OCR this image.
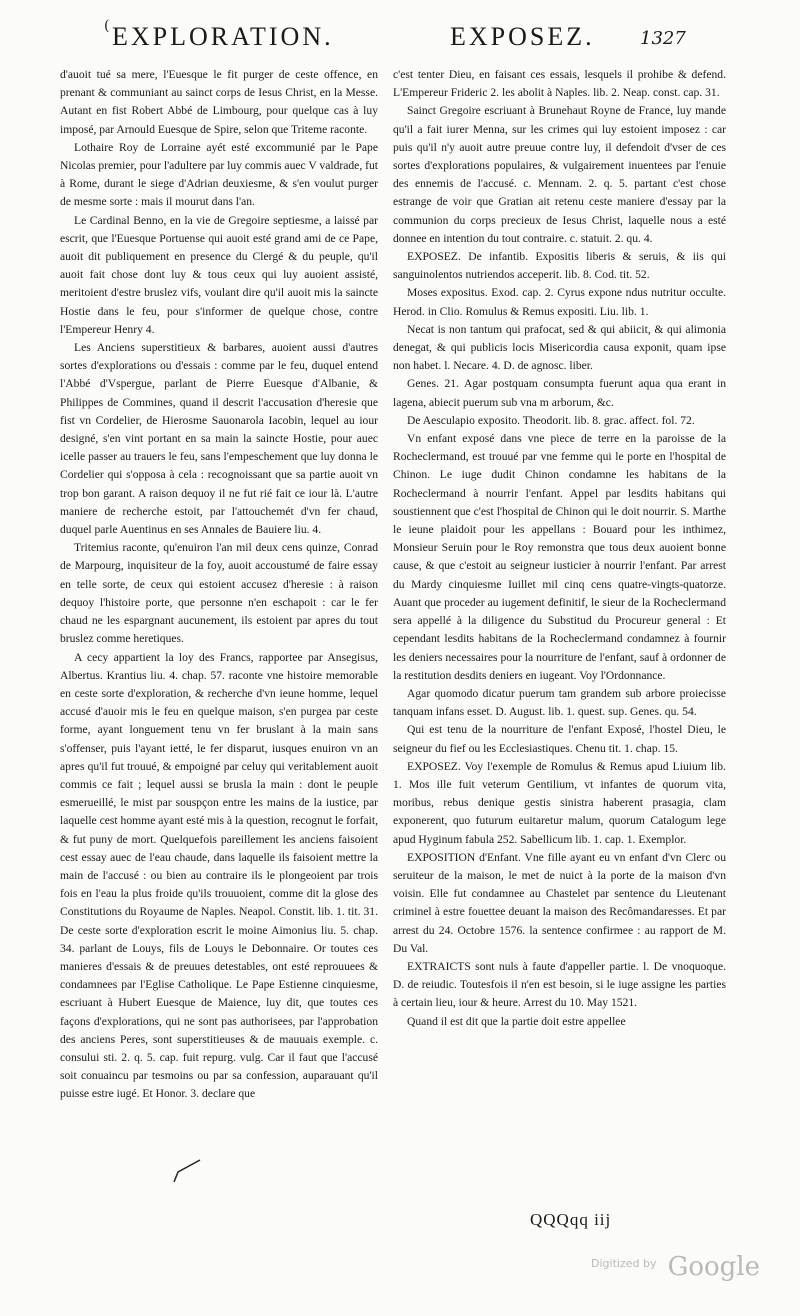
( EXPLORATION.	EXPOSEZ.	1327

d'auoit tué sa mere, l'Euesque le fit purger de ceste offence, en prenant & communiant au sainct corps de Iesus Christ, en la Messe. Autant en fist Robert Abbé de Limbourg, pour quelque cas à luy imposé, par Arnould Euesque de Spire, selon que Triteme raconte.

Lothaire Roy de Lorraine ayét esté excommunié par le Pape Nicolas premier, pour l'adultere par luy commis auec V valdrade, fut à Rome, durant le siege d'Adrian deuxiesme, & s'en voulut purger de mesme sorte : mais il mourut dans l'an.

Le Cardinal Benno, en la vie de Gregoire septiesme, a laissé par escrit, que l'Euesque Portuense qui auoit esté grand ami de ce Pape, auoit dit publiquement en presence du Clergé & du peuple, qu'il auoit fait chose dont luy & tous ceux qui luy auoient assisté, meritoient d'estre bruslez vifs, voulant dire qu'il auoit mis la saincte Hostie dans le feu, pour s'informer de quelque chose, contre l'Empereur Henry 4.

Les Anciens superstitieux & barbares, auoient aussi d'autres sortes d'explorations ou d'essais : comme par le feu, duquel entend l'Abbé d'Vspergue, parlant de Pierre Euesque d'Albanie, & Philippes de Commines, quand il descrit l'accusation d'heresie que fist vn Cordelier, de Hierosme Sauonarola Iacobin, lequel au iour designé, s'en vint portant en sa main la saincte Hostie, pour auec icelle passer au trauers le feu, sans l'empeschement que luy donna le Cordelier qui s'opposa à cela : recognoissant que sa partie auoit vn trop bon garant. A raison dequoy il ne fut rié fait ce iour là. L'autre maniere de recherche estoit, par l'attouchemét d'vn fer chaud, duquel parle Auentinus en ses Annales de Bauiere liu. 4.

Tritemius raconte, qu'enuiron l'an mil deux cens quinze, Conrad de Marpourg, inquisiteur de la foy, auoit accoustumé de faire essay en telle sorte, de ceux qui estoient accusez d'heresie : à raison dequoy l'histoire porte, que personne n'en eschapoit : car le fer chaud ne les espargnant aucunement, ils estoient par apres du tout bruslez comme heretiques.

A cecy appartient la loy des Francs, rapportee par Ansegisus, Albertus. Krantius liu. 4. chap. 57. raconte vne histoire memorable en ceste sorte d'exploration, & recherche d'vn ieune homme, lequel accusé d'auoir mis le feu en quelque maison, s'en purgea par ceste forme, ayant longuement tenu vn fer bruslant à la main sans s'offenser, puis l'ayant ietté, le fer disparut, iusques enuiron vn an apres qu'il fut trouué, & empoigné par celuy qui veritablement auoit commis ce fait ; lequel aussi se brusla la main : dont le peuple esmerueillé, le mist par souspçon entre les mains de la iustice, par laquelle cest homme ayant esté mis à la question, recognut le forfait, & fut puny de mort. Quelquefois pareillement les anciens faisoient cest essay auec de l'eau chaude, dans laquelle ils faisoient mettre la main de l'accusé : ou bien au contraire ils le plongeoient par trois fois en l'eau la plus froide qu'ils trouuoient, comme dit la glose des Constitutions du Royaume de Naples. Neapol. Constit. lib. 1. tit. 31. De ceste sorte d'exploration escrit le moine Aimonius liu. 5. chap. 34. parlant de Louys, fils de Louys le Debonnaire. Or toutes ces manieres d'essais & de preuues detestables, ont esté reprouuees & condamnees par l'Eglise Catholique. Le Pape Estienne cinquiesme, escriuant à Hubert Euesque de Maience, luy dit, que toutes ces façons d'explorations, qui ne sont pas authorisees, par l'approbation des anciens Peres, sont superstitieuses & de mauuais exemple. c. consului sti. 2. q. 5. cap. fuit repurg. vulg. Car il faut que l'accusé soit conuaincu par tesmoins ou par sa confession, auparauant qu'il puisse estre iugé. Et Honor. 3. declare que

c'est tenter Dieu, en faisant ces essais, lesquels il prohibe & defend. L'Empereur Frideric 2. les abolit à Naples. lib. 2. Neap. const. cap. 31.

Sainct Gregoire escriuant à Brunehaut Royne de France, luy mande qu'il a fait iurer Menna, sur les crimes qui luy estoient imposez : car puis qu'il n'y auoit autre preuue contre luy, il defendoit d'vser de ces sortes d'explorations populaires, & vulgairement inuentees par l'enuie des ennemis de l'accusé. c. Mennam. 2. q. 5. partant c'est chose estrange de voir que Gratian ait retenu ceste maniere d'essay par la communion du corps precieux de Iesus Christ, laquelle nous a esté donnee en intention du tout contraire. c. statuit. 2. qu. 4.

EXPOSEZ. De infantib. Expositis liberis & seruis, & iis qui sanguinolentos nutriendos acceperit. lib. 8. Cod. tit. 52.

Moses expositus. Exod. cap. 2. Cyrus expone ndus nutritur occulte. Herod. in Clio. Romulus & Remus expositi. Liu. lib. 1.

Necat is non tantum qui prafocat, sed & qui abiicit, & qui alimonia denegat, & qui publicis locis Misericordia causa exponit, quam ipse non habet. l. Necare. 4. D. de agnosc. liber.

Genes. 21. Agar postquam consumpta fuerunt aqua qua erant in lagena, abiecit puerum sub vna m arborum, &c.

De Aesculapio exposito. Theodorit. lib. 8. grac. affect. fol. 72.

Vn enfant exposé dans vne piece de terre en la paroisse de la Rocheclermand, est trouué par vne femme qui le porte en l'hospital de Chinon. Le iuge dudit Chinon condamne les habitans de la Rocheclermand à nourrir l'enfant. Appel par lesdits habitans qui soustiennent que c'est l'hospital de Chinon qui le doit nourrir. S. Marthe le ieune plaidoit pour les appellans : Bouard pour les inthimez, Monsieur Seruin pour le Roy remonstra que tous deux auoient bonne cause, & que c'estoit au seigneur iusticier à nourrir l'enfant. Par arrest du Mardy cinquiesme Iuillet mil cinq cens quatre-vingts-quatorze. Auant que proceder au iugement definitif, le sieur de la Rocheclermand sera appellé à la diligence du Substitud du Procureur general : Et cependant lesdits habitans de la Rocheclermand condamnez à fournir les deniers necessaires pour la nourriture de l'enfant, sauf à ordonner de la restitution desdits deniers en iugeant. Voy l'Ordonnance.

Agar quomodo dicatur puerum tam grandem sub arbore proiecisse tanquam infans esset. D. August. lib. 1. quest. sup. Genes. qu. 54.

Qui est tenu de la nourriture de l'enfant Exposé, l'hostel Dieu, le seigneur du fief ou les Ecclesiastiques. Chenu tit. 1. chap. 15.

EXPOSEZ. Voy l'exemple de Romulus & Remus apud Liuium lib. 1. Mos ille fuit veterum Gentilium, vt infantes de quorum vita, moribus, rebus denique gestis sinistra haberent prasagia, clam exponerent, quo futurum euitaretur malum, quorum Catalogum lege apud Hyginum fabula 252. Sabellicum lib. 1. cap. 1. Exemplor.

EXPOSITION d'Enfant. Vne fille ayant eu vn enfant d'vn Clerc ou seruiteur de la maison, le met de nuict à la porte de la maison d'vn voisin. Elle fut condamnee au Chastelet par sentence du Lieutenant criminel à estre fouettee deuant la maison des Recômandaresses. Et par arrest du 24. Octobre 1576. la sentence confirmee : au rapport de M. Du Val.

EXTRAICTS sont nuls à faute d'appeller partie. l. De vnoquoque. D. de reiudic. Toutesfois il n'en est besoin, si le iuge assigne les parties à certain lieu, iour & heure. Arrest du 10. May 1521.

Quand il est dit que la partie doit estre appellee

QQQqq iij
$^{Digitized by}$ Google
